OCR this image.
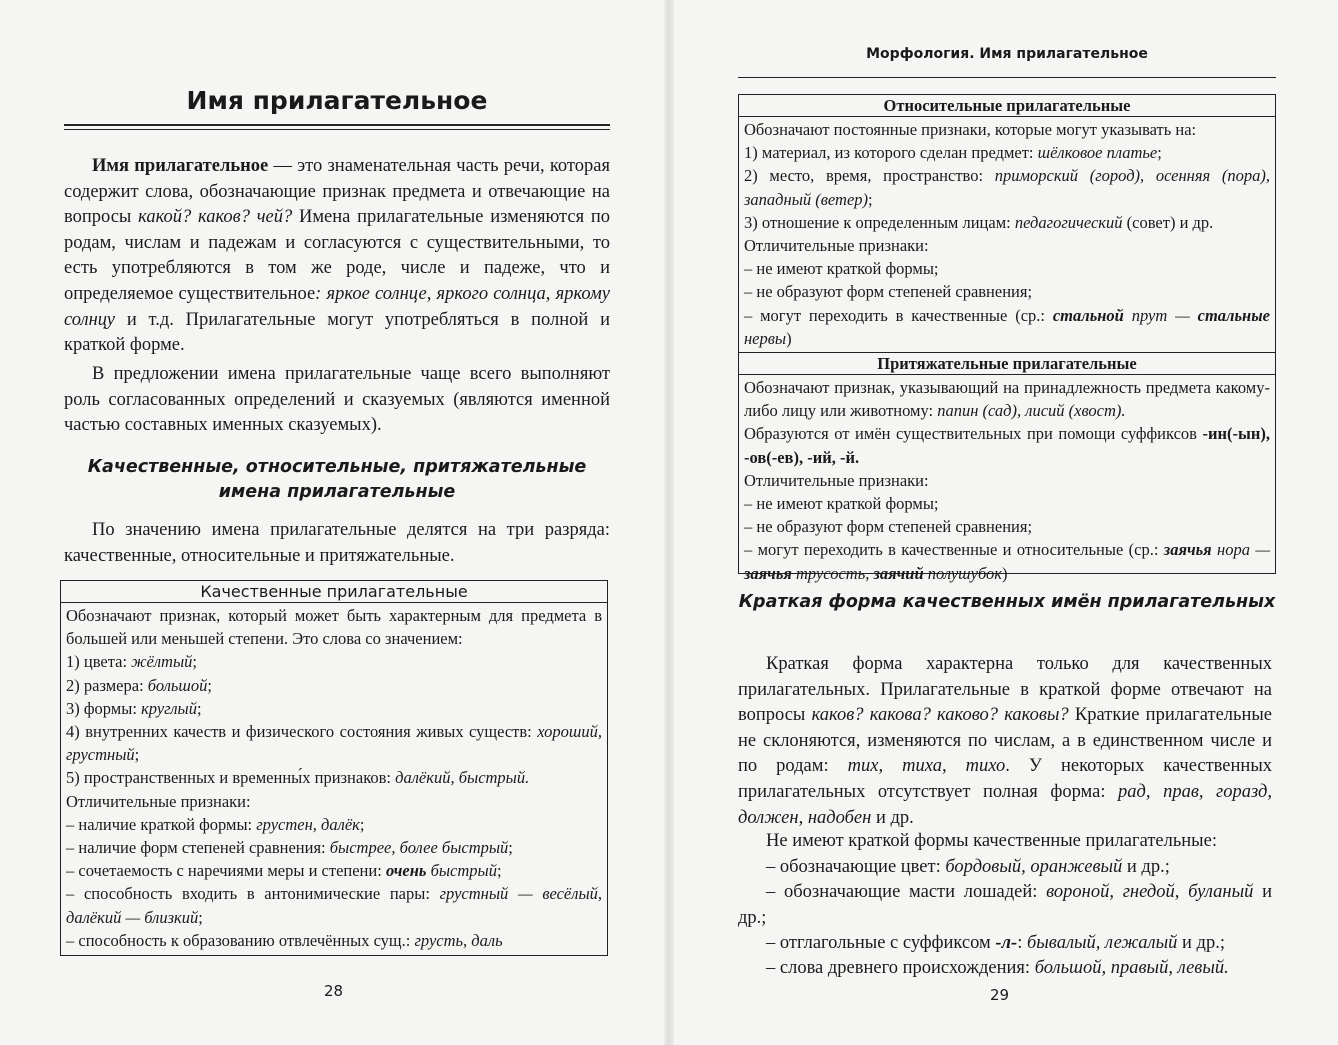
Имя прилагательное

Имя прилагательное — это знаменательная часть речи, которая содержит слова, обозначающие признак предмета и отвечающие на вопросы какой? каков? чей? Имена прилагательные изменяются по родам, числам и падежам и согласуются с существительными, то есть употребляются в том же роде, числе и падеже, что и определяемое существительное: яркое солнце, яркого солнца, яркому солнцу и т.д. Прилагательные могут употребляться в полной и краткой форме.

В предложении имена прилагательные чаще всего выполняют роль согласованных определений и сказуемых (являются именной частью составных именных сказуемых).

Качественные, относительные, притяжательные имена прилагательные

По значению имена прилагательные делятся на три разряда: качественные, относительные и притяжательные.

Качественные прилагательные
Обозначают признак, который может быть характерным для предмета в большей или меньшей степени. Это слова со значением:
1) цвета: жёлтый;
2) размера: большой;
3) формы: круглый;
4) внутренних качеств и физического состояния живых существ: хороший, грустный;
5) пространственных и временны́х признаков: далёкий, быстрый.
Отличительные признаки:
– наличие краткой формы: грустен, далёк;
– наличие форм степеней сравнения: быстрее, более быстрый;
– сочетаемость с наречиями меры и степени: очень быстрый;
– способность входить в антонимические пары: грустный — весёлый, далёкий — близкий;
– способность к образованию отвлечённых сущ.: грусть, даль
28
Морфология. Имя прилагательное
Относительные прилагательные
Обозначают постоянные признаки, которые могут указывать на:
1) материал, из которого сделан предмет: шёлковое платье;
2) место, время, пространство: приморский (город), осенняя (пора), западный (ветер);
3) отношение к определенным лицам: педагогический (совет) и др.
Отличительные признаки:
– не имеют краткой формы;
– не образуют форм степеней сравнения;
– могут переходить в качественные (ср.: стальной прут — стальные нервы)
Притяжательные прилагательные
Обозначают признак, указывающий на принадлежность предмета какому-либо лицу или животному: папин (сад), лисий (хвост).
Образуются от имён существительных при помощи суффиксов -ин(-ын), -ов(-ев), -ий, -й.
Отличительные признаки:
– не имеют краткой формы;
– не образуют форм степеней сравнения;
– могут переходить в качественные и относительные (ср.: заячья нора — заячья трусость, заячий полушубок)
Краткая форма качественных имён прилагательных

Краткая форма характерна только для качественных прилагательных. Прилагательные в краткой форме отвечают на вопросы каков? какова? каково? каковы? Краткие прилагательные не склоняются, изменяются по числам, а в единственном числе и по родам: тих, тиха, тихо. У некоторых качественных прилагательных отсутствует полная форма: рад, прав, горазд, должен, надобен и др.

Не имеют краткой формы качественные прилагательные:

– обозначающие цвет: бордовый, оранжевый и др.;

– обозначающие масти лошадей: вороной, гнедой, буланый и др.;

– отглагольные с суффиксом -л-: бывалый, лежалый и др.;

– слова древнего происхождения: большой, правый, левый.

29
